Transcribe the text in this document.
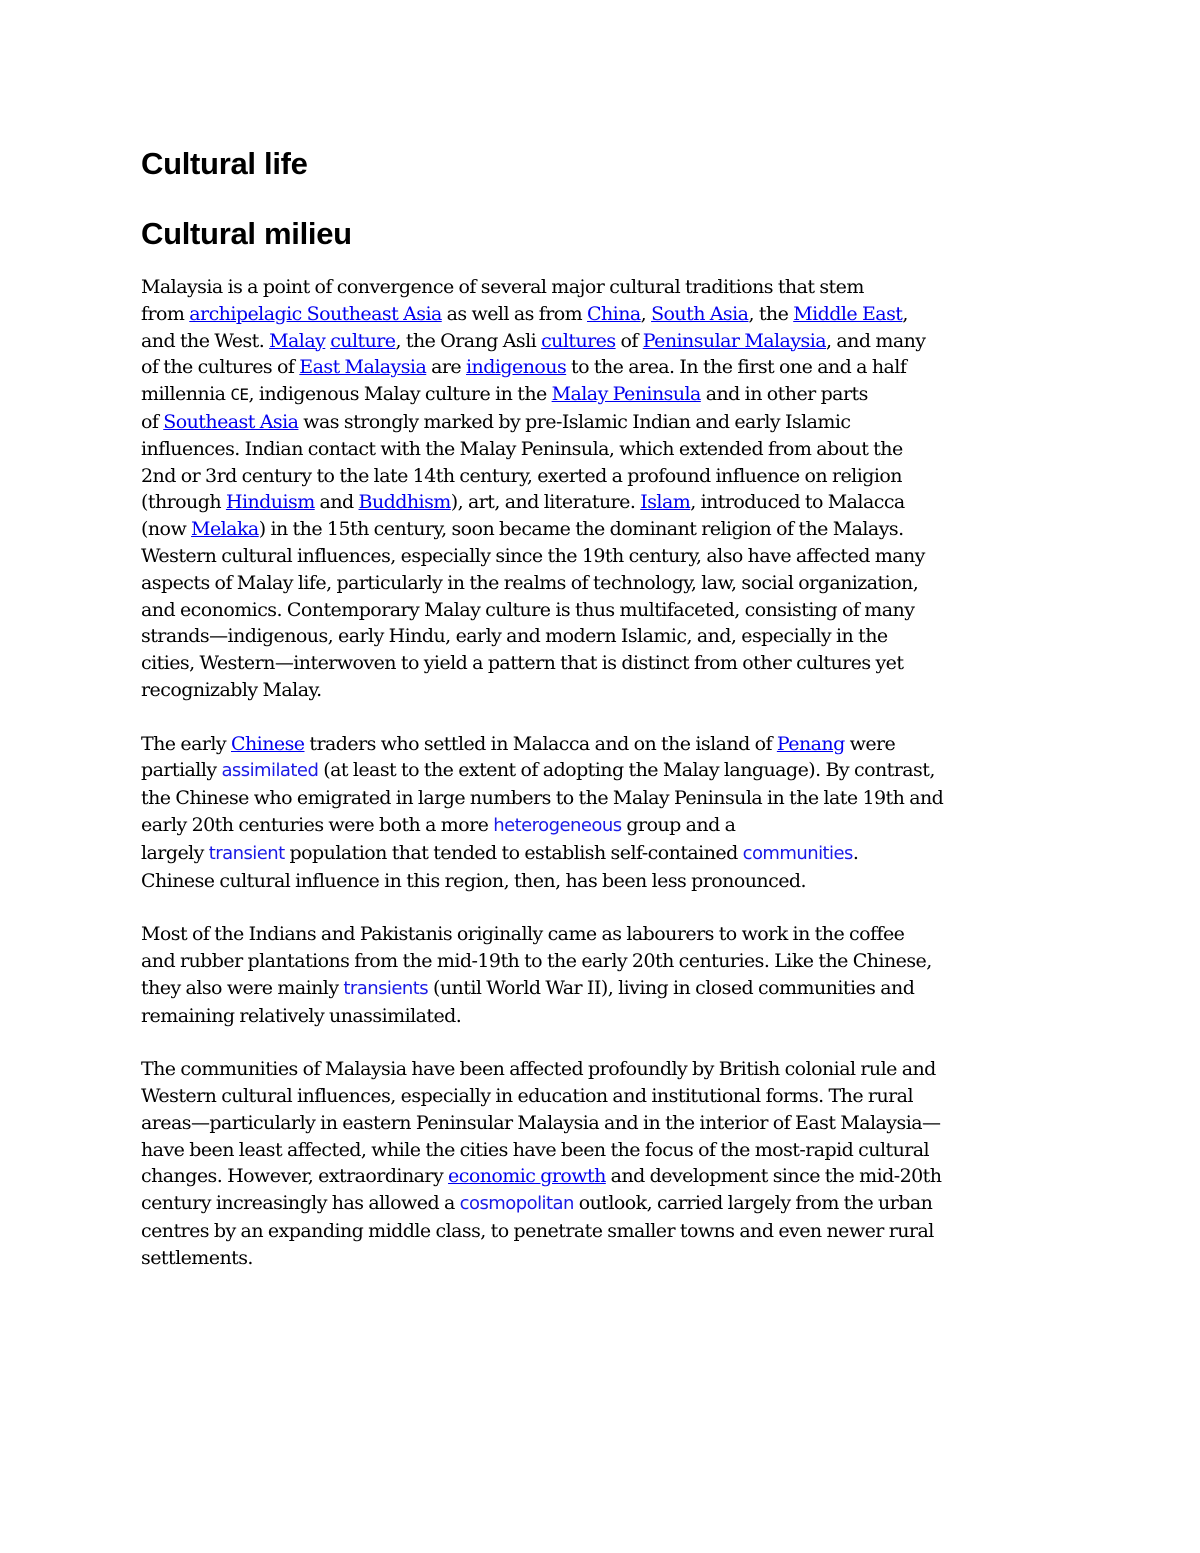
Cultural life
Cultural milieu
Malaysia is a point of convergence of several major cultural traditions that stem
from archipelagic Southeast Asia as well as from China, South Asia, the Middle East,
and the West. Malay culture, the Orang Asli cultures of Peninsular Malaysia, and many
of the cultures of East Malaysia are indigenous to the area. In the first one and a half
millennia CE, indigenous Malay culture in the Malay Peninsula and in other parts
of Southeast Asia was strongly marked by pre-Islamic Indian and early Islamic
influences. Indian contact with the Malay Peninsula, which extended from about the
2nd or 3rd century to the late 14th century, exerted a profound influence on religion
(through Hinduism and Buddhism), art, and literature. Islam, introduced to Malacca
(now Melaka) in the 15th century, soon became the dominant religion of the Malays.
Western cultural influences, especially since the 19th century, also have affected many
aspects of Malay life, particularly in the realms of technology, law, social organization,
and economics. Contemporary Malay culture is thus multifaceted, consisting of many
strands—indigenous, early Hindu, early and modern Islamic, and, especially in the
cities, Western—interwoven to yield a pattern that is distinct from other cultures yet
recognizably Malay.
The early Chinese traders who settled in Malacca and on the island of Penang were
partially assimilated (at least to the extent of adopting the Malay language). By contrast,
the Chinese who emigrated in large numbers to the Malay Peninsula in the late 19th and
early 20th centuries were both a more heterogeneous group and a
largely transient population that tended to establish self-contained communities.
Chinese cultural influence in this region, then, has been less pronounced.
Most of the Indians and Pakistanis originally came as labourers to work in the coffee
and rubber plantations from the mid-19th to the early 20th centuries. Like the Chinese,
they also were mainly transients (until World War II), living in closed communities and
remaining relatively unassimilated.
The communities of Malaysia have been affected profoundly by British colonial rule and
Western cultural influences, especially in education and institutional forms. The rural
areas—particularly in eastern Peninsular Malaysia and in the interior of East Malaysia—
have been least affected, while the cities have been the focus of the most-rapid cultural
changes. However, extraordinary economic growth and development since the mid-20th
century increasingly has allowed a cosmopolitan outlook, carried largely from the urban
centres by an expanding middle class, to penetrate smaller towns and even newer rural
settlements.
